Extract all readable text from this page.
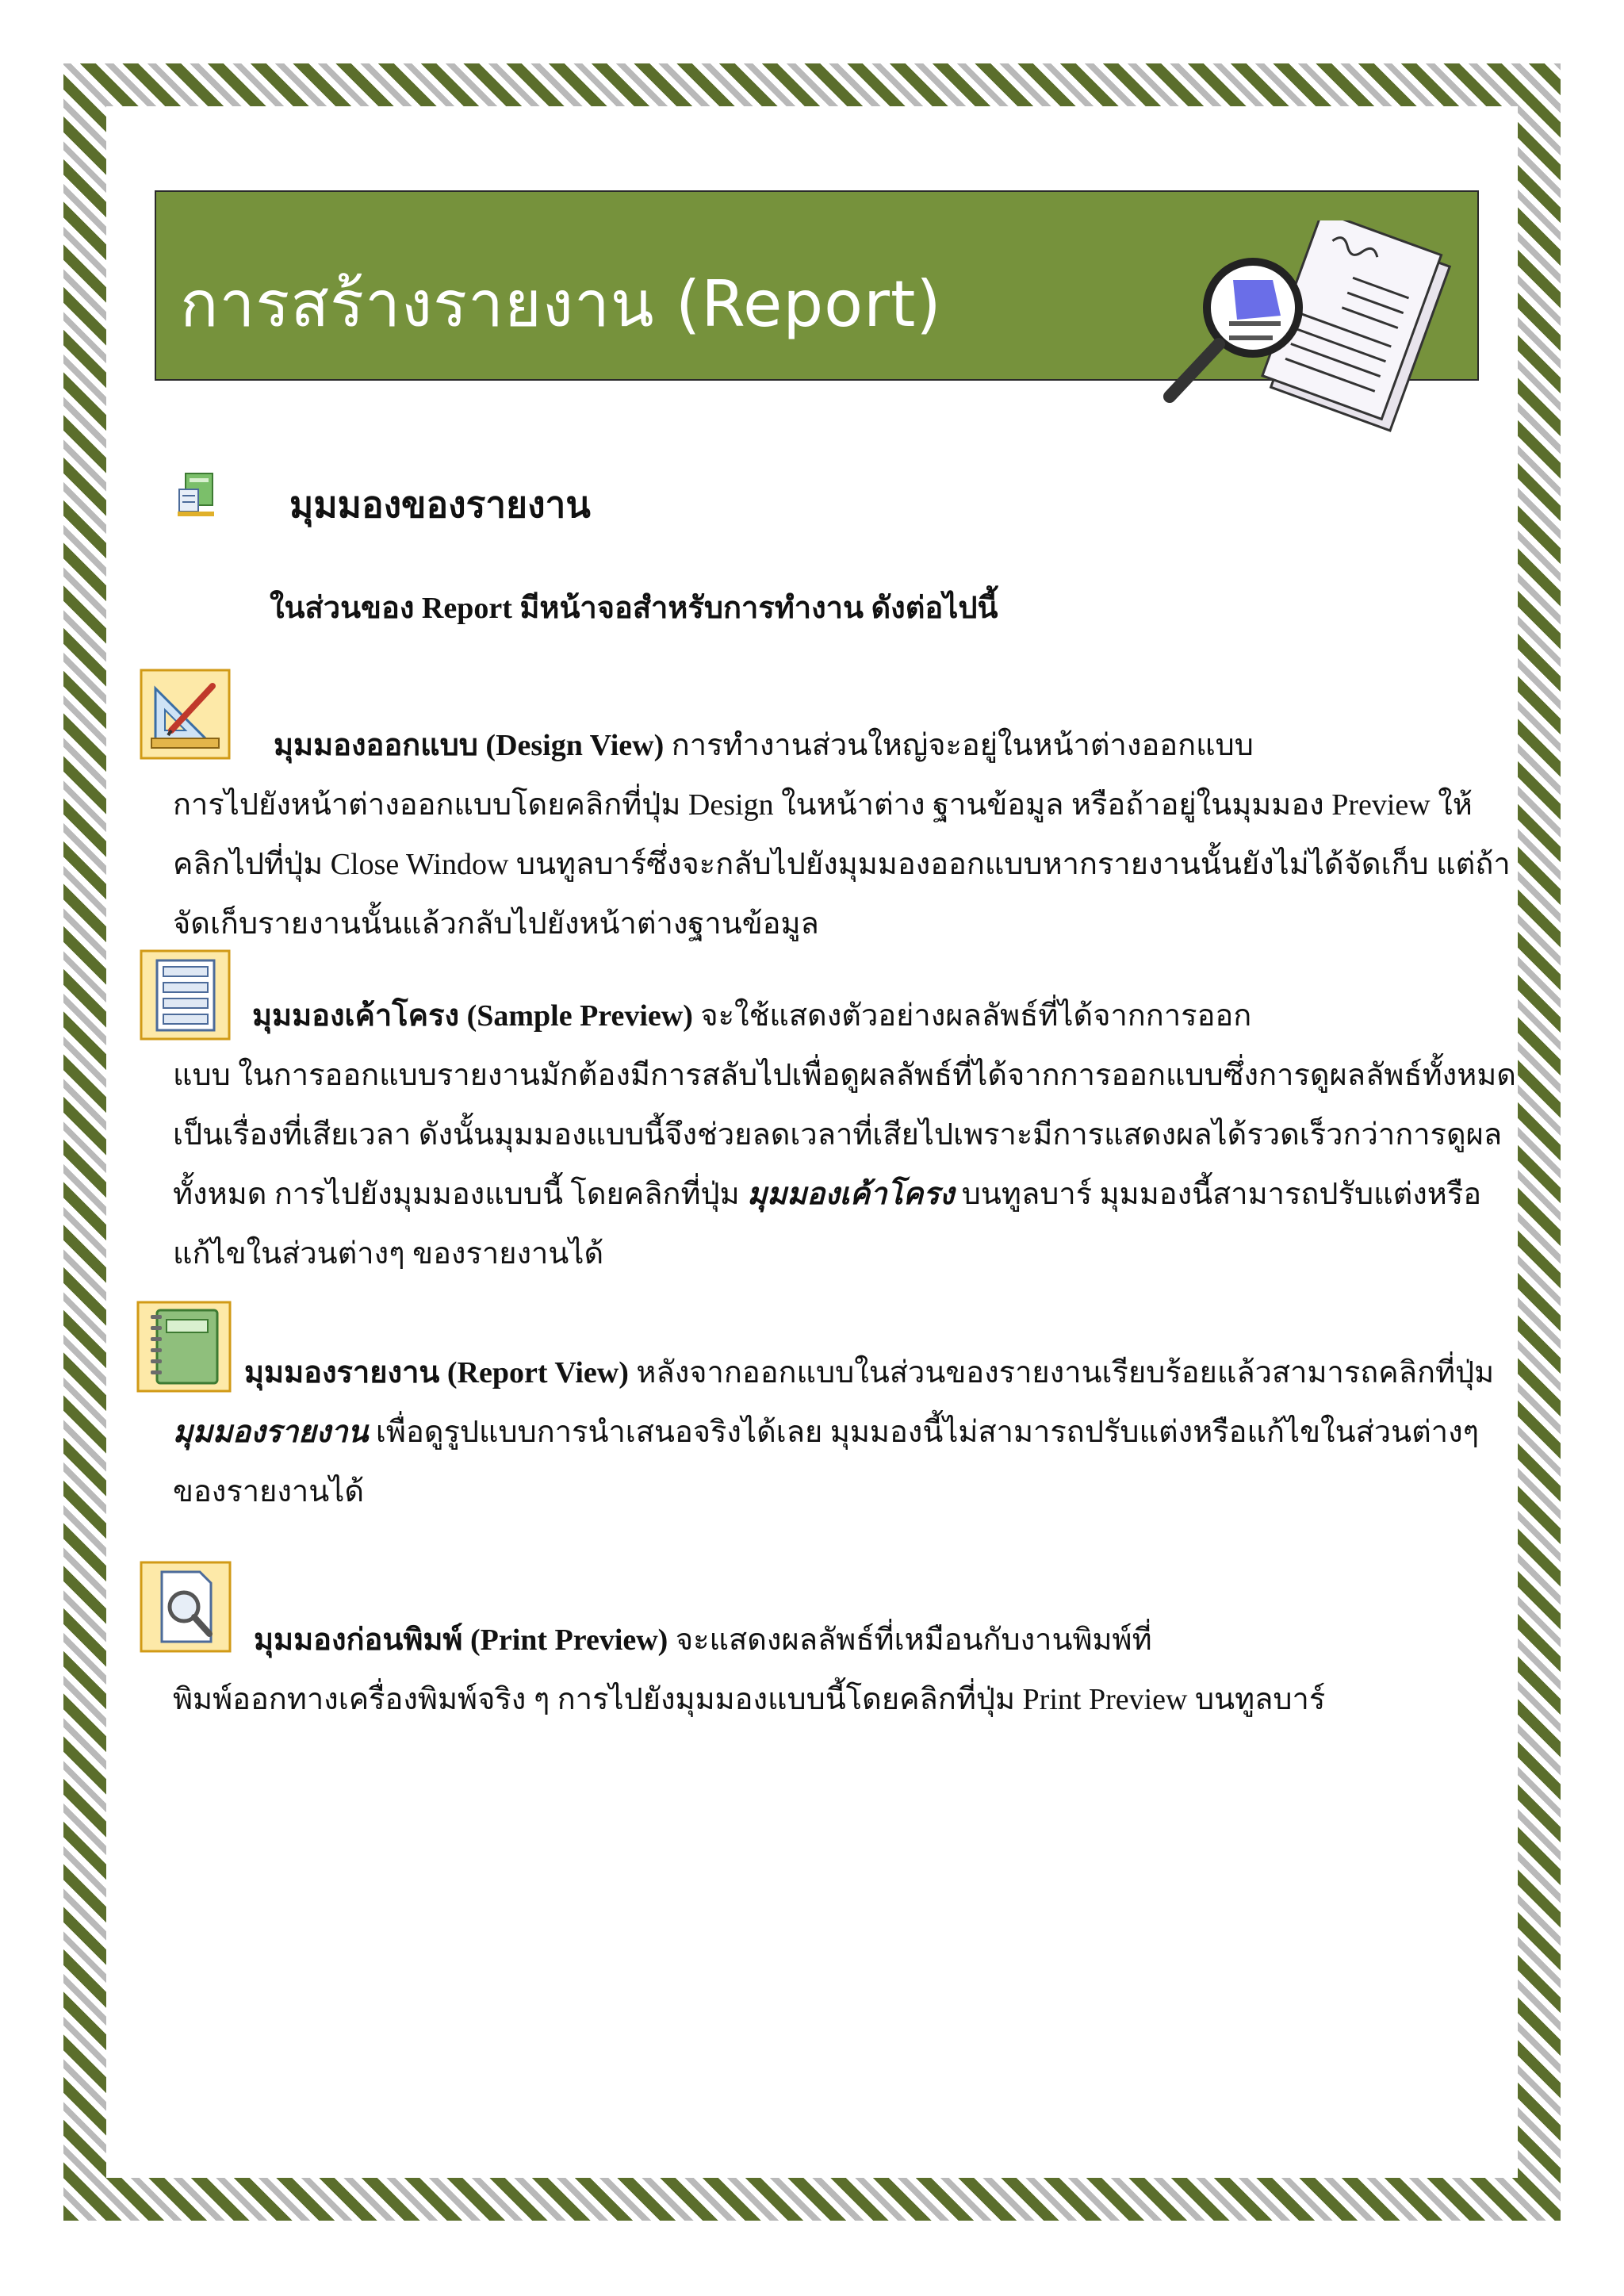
การสร้างรายงาน (Report)
มุมมองของรายงาน
ในส่วนของ Report มีหน้าจอสำหรับการทำงาน ดังต่อไปนี้
มุมมองออกแบบ (Design View) การทำงานส่วนใหญ่จะอยู่ในหน้าต่างออกแบบ
การไปยังหน้าต่างออกแบบโดยคลิกที่ปุ่ม Design ในหน้าต่าง ฐานข้อมูล หรือถ้าอยู่ในมุมมอง Preview ให้
คลิกไปที่ปุ่ม Close Window บนทูลบาร์ซึ่งจะกลับไปยังมุมมองออกแบบหากรายงานนั้นยังไม่ได้จัดเก็บ แต่ถ้า
จัดเก็บรายงานนั้นแล้วกลับไปยังหน้าต่างฐานข้อมูล
มุมมองเค้าโครง (Sample Preview) จะใช้แสดงตัวอย่างผลลัพธ์ที่ได้จากการออก
แบบ ในการออกแบบรายงานมักต้องมีการสลับไปเพื่อดูผลลัพธ์ที่ได้จากการออกแบบซึ่งการดูผลลัพธ์ทั้งหมด
เป็นเรื่องที่เสียเวลา ดังนั้นมุมมองแบบนี้จึงช่วยลดเวลาที่เสียไปเพราะมีการแสดงผลได้รวดเร็วกว่าการดูผล
ทั้งหมด การไปยังมุมมองแบบนี้ โดยคลิกที่ปุ่ม มุมมองเค้าโครง บนทูลบาร์ มุมมองนี้สามารถปรับแต่งหรือ
แก้ไขในส่วนต่างๆ ของรายงานได้
มุมมองรายงาน (Report View) หลังจากออกแบบในส่วนของรายงานเรียบร้อยแล้วสามารถคลิกที่ปุ่ม
มุมมองรายงาน เพื่อดูรูปแบบการนำเสนอจริงได้เลย มุมมองนี้ไม่สามารถปรับแต่งหรือแก้ไขในส่วนต่างๆ
ของรายงานได้
มุมมองก่อนพิมพ์ (Print Preview) จะแสดงผลลัพธ์ที่เหมือนกับงานพิมพ์ที่
พิมพ์ออกทางเครื่องพิมพ์จริง ๆ การไปยังมุมมองแบบนี้โดยคลิกที่ปุ่ม Print Preview บนทูลบาร์
